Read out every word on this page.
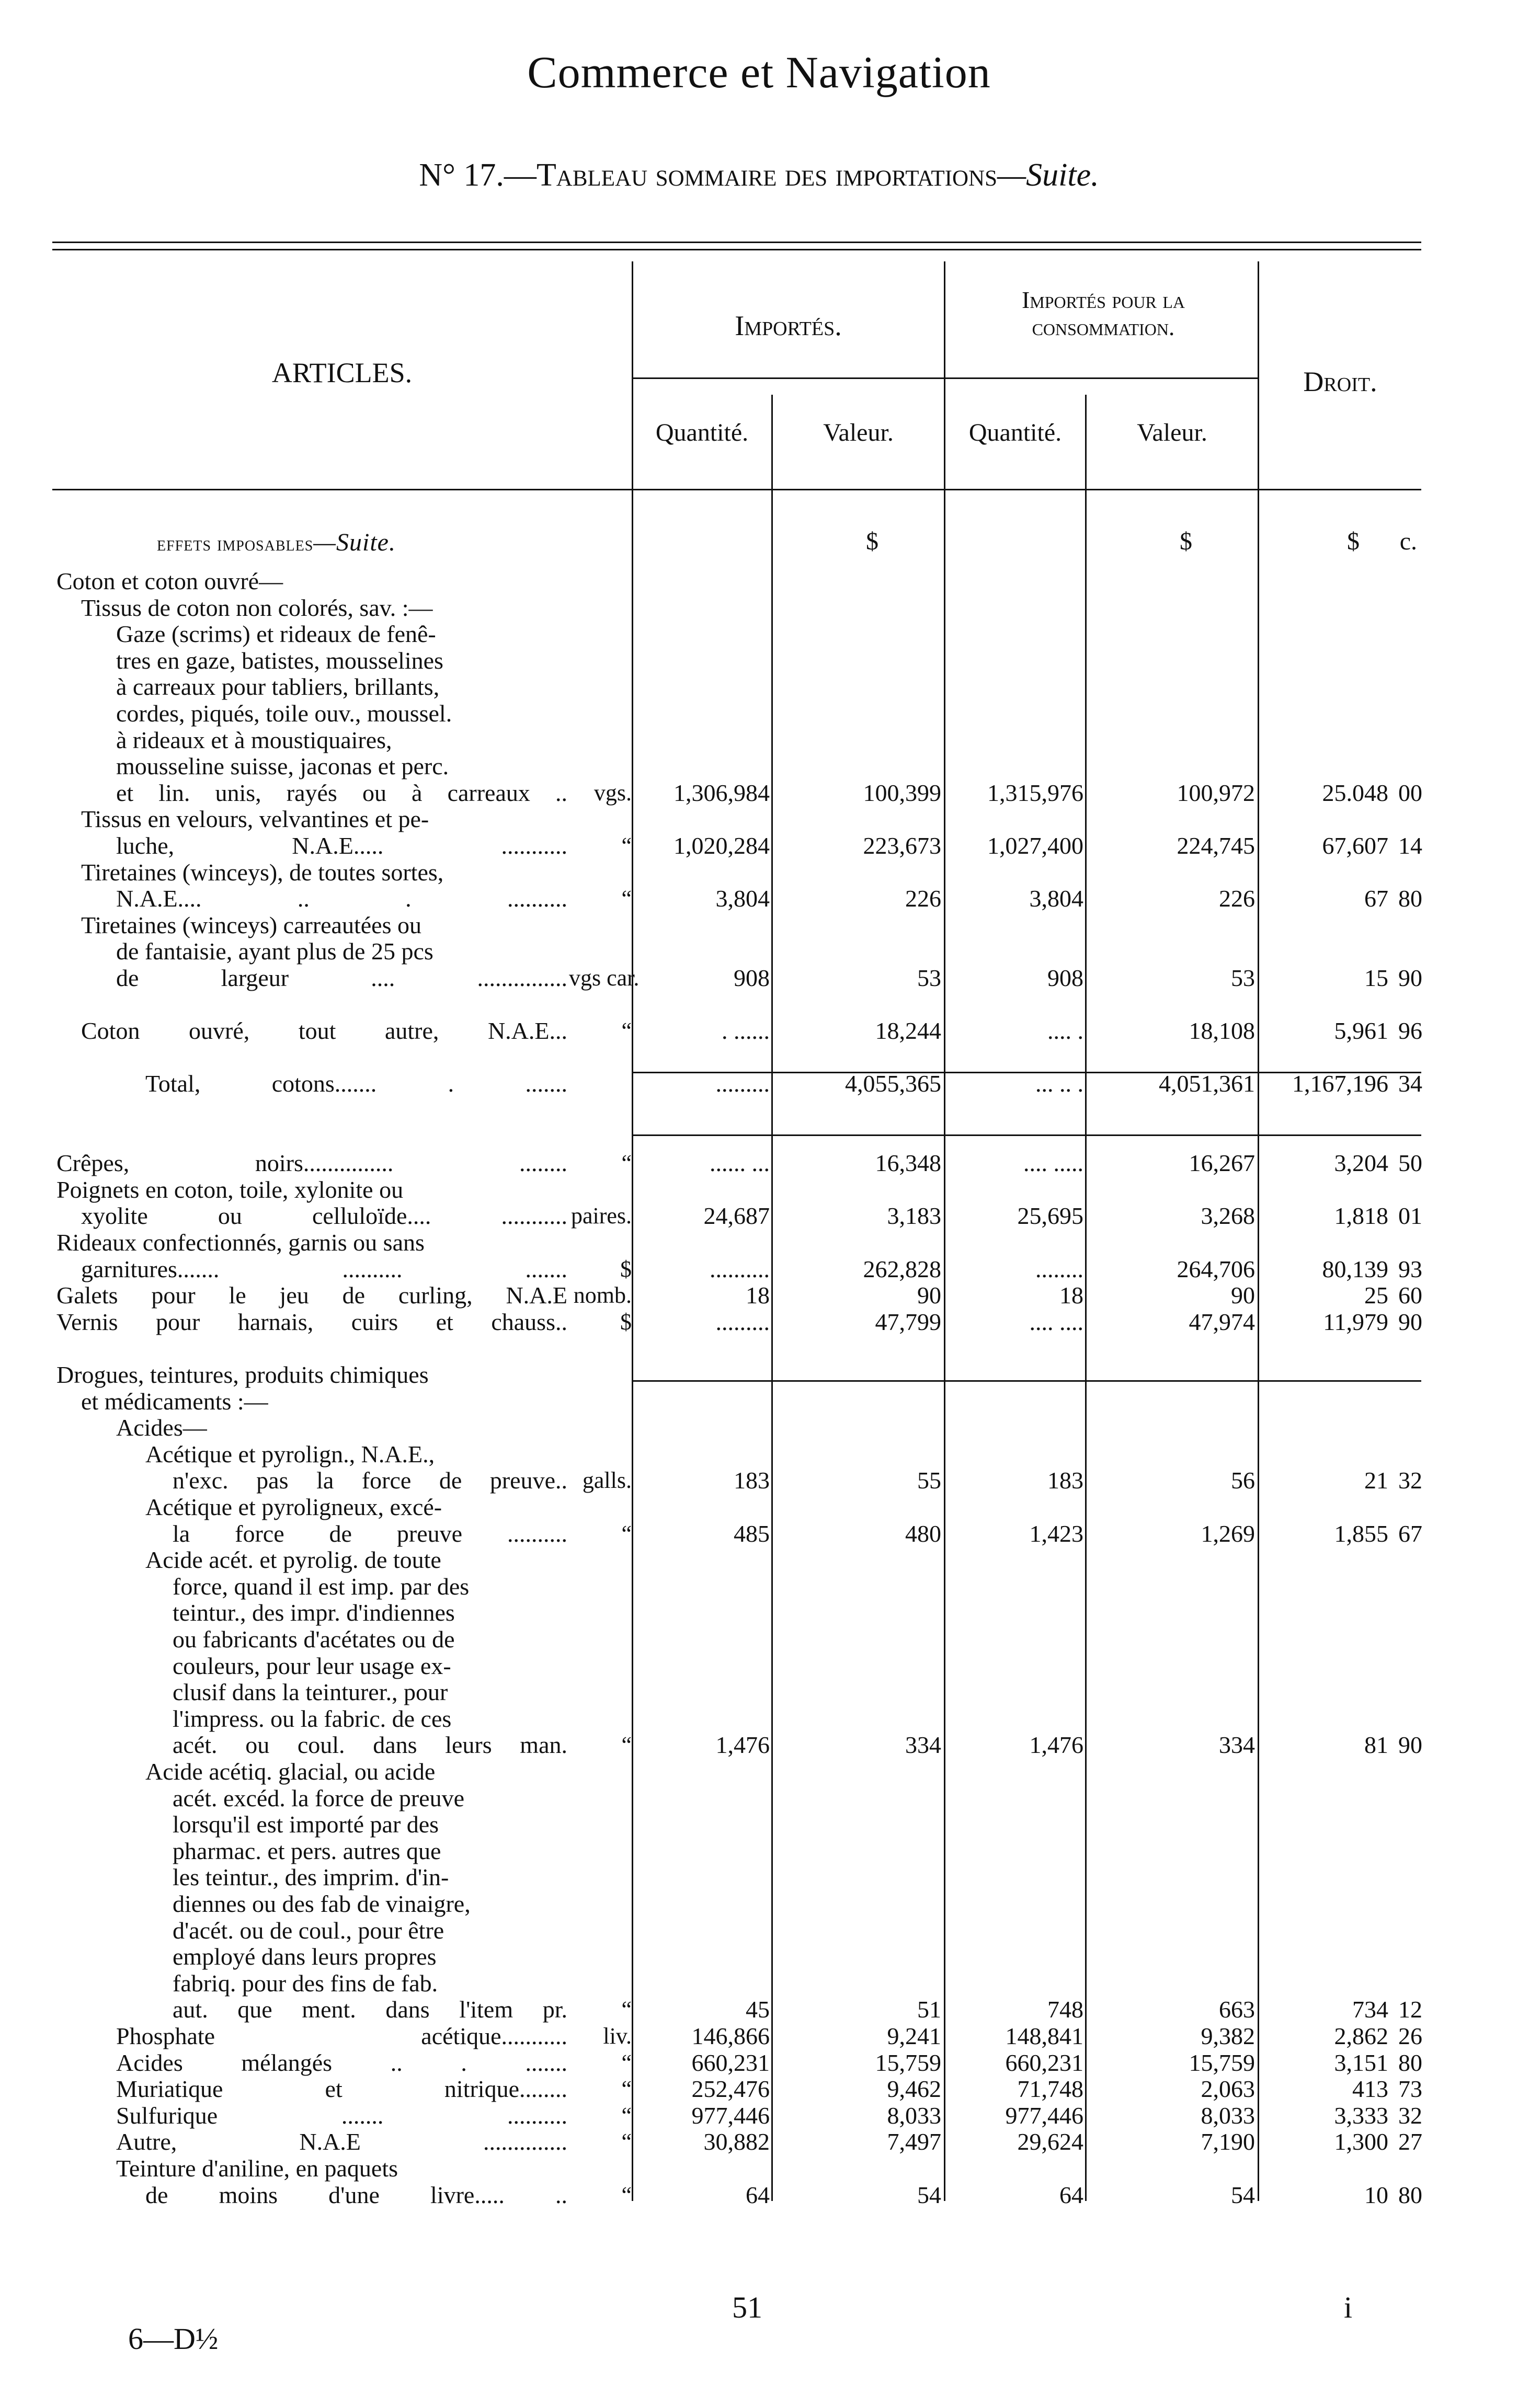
Commerce et Navigation
N° 17.—Tableau sommaire des importations—Suite.
ARTICLES.
Importés.
Importés pour la consommation.
Droit.
Quantité.	Valeur.	Quantité.	Valeur.
effets imposables—Suite.	$	$	$	c.
Coton et coton ouvré—
Tissus de coton non colorés, sav. :—
Gaze (scrims) et rideaux de fenê-
tres en gaze, batistes, mousselines
à carreaux pour tabliers, brillants,
cordes, piqués, toile ouv., moussel.
à rideaux et à moustiquaires,
mousseline suisse, jaconas et perc.
et lin. unis, rayés ou à carreaux ..	vgs.	1,306,984	100,399	1,315,976	100,972	25.048 00
Tissus en velours, velvantines et pe-
luche, N.A.E..... ...........	“	1,020,284	223,673	1,027,400	224,745	67,607 14
Tiretaines (winceys), de toutes sortes,
N.A.E.... .. . ..........	“	3,804	226	3,804	226	67 80
Tiretaines (winceys) carreautées ou
de fantaisie, ayant plus de 25 pcs
de largeur .... ............... vgs car.	908	53	908	53	15 90
Coton ouvré, tout autre, N.A.E...	“	. ......	18,244	.... .	18,108	5,961 96
Total, cotons....... . .......	.........	4,055,365	... .. .	4,051,361	1,167,196 34
Crêpes, noirs............... ........	“	...... ...	16,348	.... .....	16,267	3,204 50
Poignets en coton, toile, xylonite ou
xyolite ou celluloïde.... ........... paires.	24,687	3,183	25,695	3,268	1,818 01
Rideaux confectionnés, garnis ou sans
garnitures....... .......... .......	$	..........	262,828	........	264,706	80,139 93
Galets pour le jeu de curling, N.A.E nomb.	18	90	18	90	25 60
Vernis pour harnais, cuirs et chauss..	$	.........	47,799	.... ....	47,974	11,979 90
Drogues, teintures, produits chimiques
et médicaments :—
Acides—
Acétique et pyrolign., N.A.E.,
n'exc. pas la force de preuve.. galls.	183	55	183	56	21 32
Acétique et pyroligneux, excé-
la force de preuve ..........	“	485	480	1,423	1,269	1,855 67
Acide acét. et pyrolig. de toute
force, quand il est imp. par des
teintur., des impr. d'indiennes
ou fabricants d'acétates ou de
couleurs, pour leur usage ex-
clusif dans la teinturer., pour
l'impress. ou la fabric. de ces
acét. ou coul. dans leurs man.	“	1,476	334	1,476	334	81 90
Acide acétiq. glacial, ou acide
acét. excéd. la force de preuve
lorsqu'il est importé par des
pharmac. et pers. autres que
les teintur., des imprim. d'in-
diennes ou des fab de vinaigre,
d'acét. ou de coul., pour être
employé dans leurs propres
fabriq. pour des fins de fab.
aut. que ment. dans l'item pr.	“	45	51	748	663	734 12
Phosphate acétique...........	liv.	146,866	9,241	148,841	9,382	2,862 26
Acides mélangés .. . .......	“	660,231	15,759	660,231	15,759	3,151 80
Muriatique et nitrique........	“	252,476	9,462	71,748	2,063	413 73
Sulfurique ....... ..........	“	977,446	8,033	977,446	8,033	3,333 32
Autre, N.A.E ..............	“	30,882	7,497	29,624	7,190	1,300 27
Teinture d'aniline, en paquets
de moins d'une livre..... ..	“	64	54	64	54	10 80
6—D½
51	i
